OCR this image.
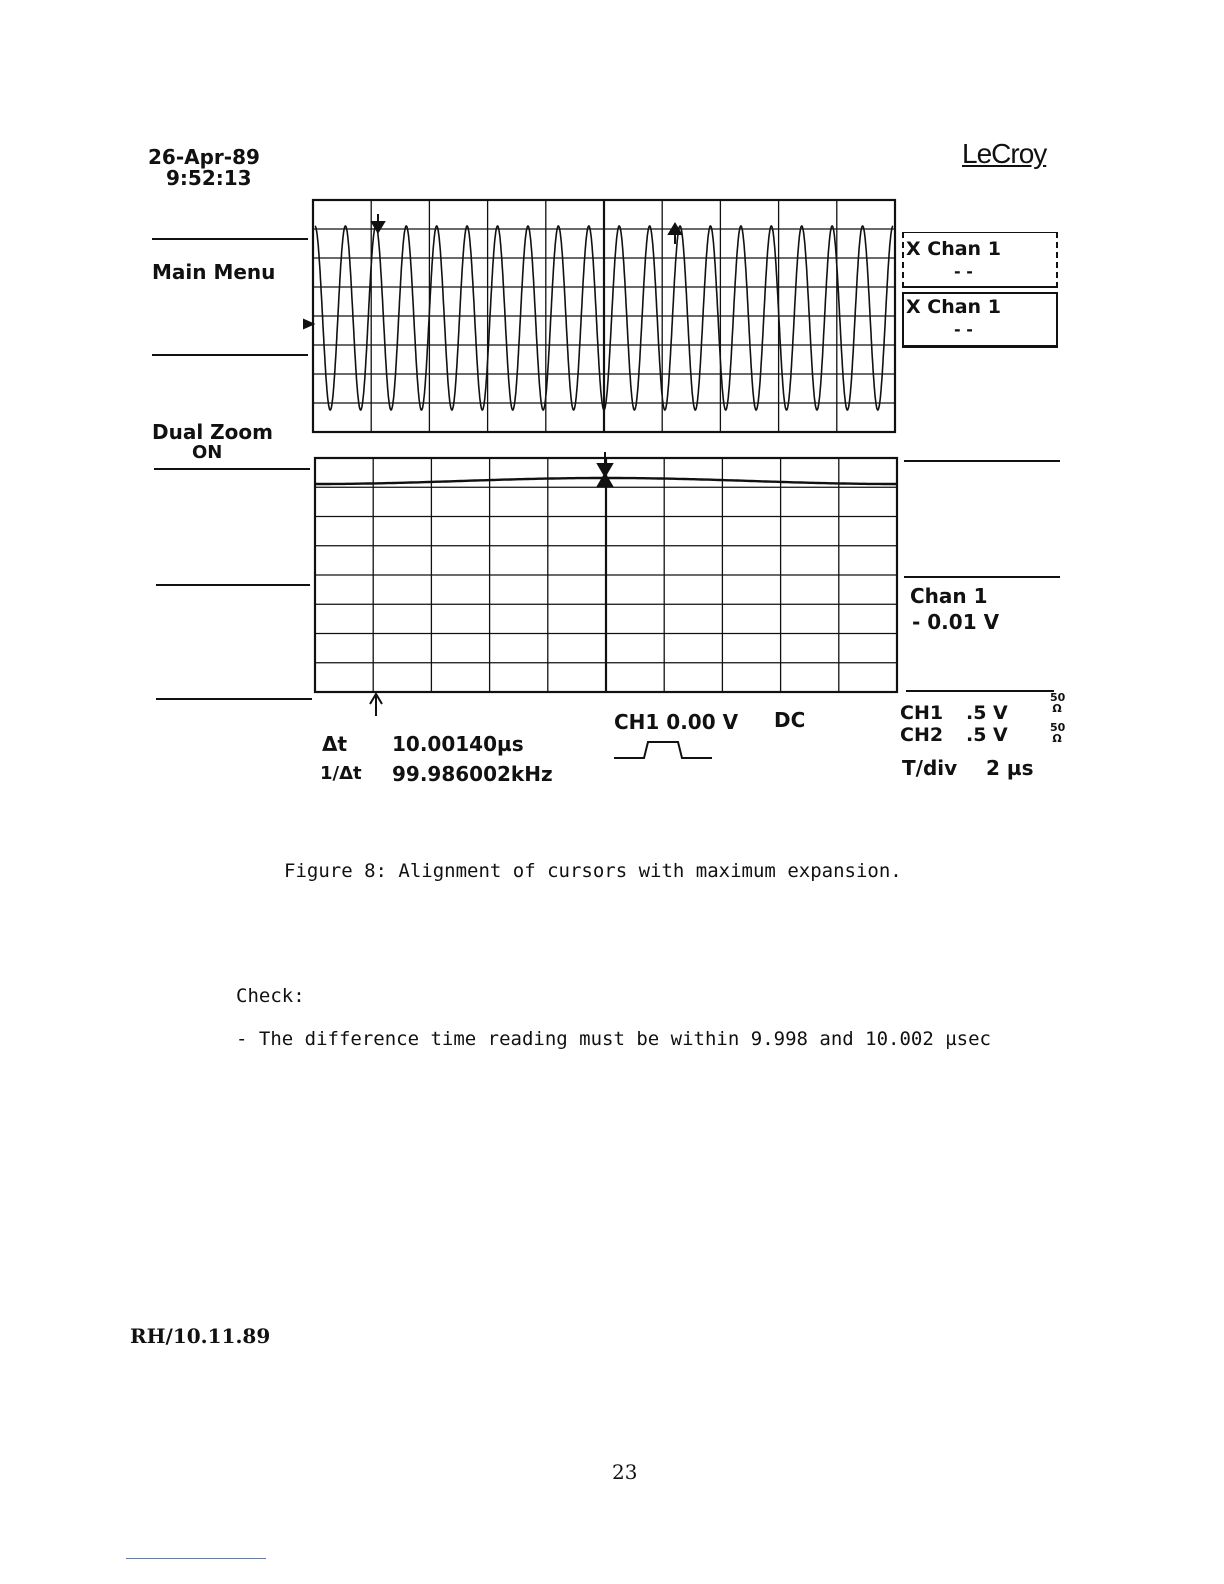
26-Apr-89
9:52:13
LeCroy
Main Menu
Dual Zoom
ON
X Chan 1
- -
X Chan 1
- -
Chan 1
- 0.01 V
Δt 10.00140µs
1/Δt 99.986002kHz
CH1 0.00 V DC	CH1 .5 V
CH2 .5 V
50 Ω
50 Ω
T/div 2 µs
Figure 8: Alignment of cursors with maximum expansion.
Check:
- The difference time reading must be within 9.998 and 10.002 µsec
RH/10.11.89
23
